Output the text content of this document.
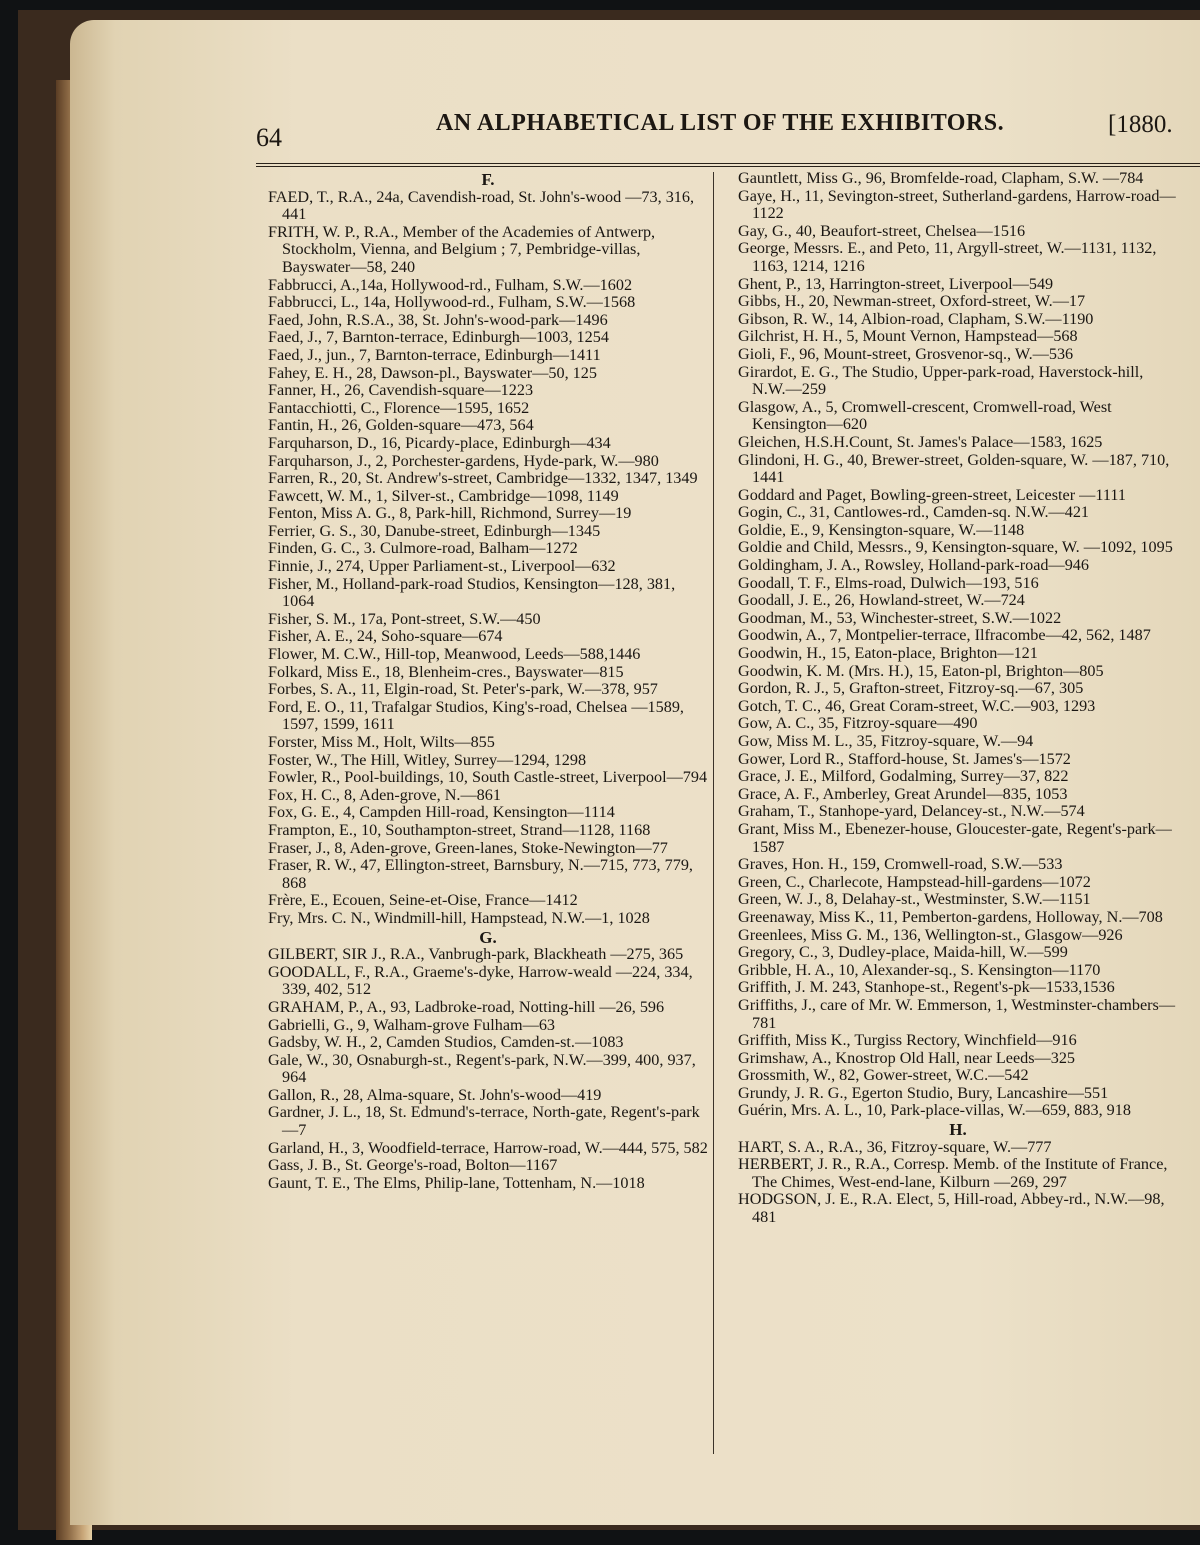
64	AN ALPHABETICAL LIST OF THE EXHIBITORS.	[1880.

F.

FAED, T., R.A., 24a, Cavendish-road, St. John's-wood —73, 316, 441

FRITH, W. P., R.A., Member of the Academies of Antwerp, Stockholm, Vienna, and Belgium ; 7, Pembridge-villas, Bayswater—58, 240

Fabbrucci, A.,14a, Hollywood-rd., Fulham, S.W.—1602

Fabbrucci, L., 14a, Hollywood-rd., Fulham, S.W.—1568

Faed, John, R.S.A., 38, St. John's-wood-park—1496

Faed, J., 7, Barnton-terrace, Edinburgh—1003, 1254

Faed, J., jun., 7, Barnton-terrace, Edinburgh—1411

Fahey, E. H., 28, Dawson-pl., Bayswater—50, 125

Fanner, H., 26, Cavendish-square—1223

Fantacchiotti, C., Florence—1595, 1652

Fantin, H., 26, Golden-square—473, 564

Farquharson, D., 16, Picardy-place, Edinburgh—434

Farquharson, J., 2, Porchester-gardens, Hyde-park, W.—980

Farren, R., 20, St. Andrew's-street, Cambridge—1332, 1347, 1349

Fawcett, W. M., 1, Silver-st., Cambridge—1098, 1149

Fenton, Miss A. G., 8, Park-hill, Richmond, Surrey—19

Ferrier, G. S., 30, Danube-street, Edinburgh—1345

Finden, G. C., 3. Culmore-road, Balham—1272

Finnie, J., 274, Upper Parliament-st., Liverpool—632

Fisher, M., Holland-park-road Studios, Kensington—128, 381, 1064

Fisher, S. M., 17a, Pont-street, S.W.—450

Fisher, A. E., 24, Soho-square—674

Flower, M. C.W., Hill-top, Meanwood, Leeds—588,1446

Folkard, Miss E., 18, Blenheim-cres., Bayswater—815

Forbes, S. A., 11, Elgin-road, St. Peter's-park, W.—378, 957

Ford, E. O., 11, Trafalgar Studios, King's-road, Chelsea —1589, 1597, 1599, 1611

Forster, Miss M., Holt, Wilts—855

Foster, W., The Hill, Witley, Surrey—1294, 1298

Fowler, R., Pool-buildings, 10, South Castle-street, Liverpool—794

Fox, H. C., 8, Aden-grove, N.—861

Fox, G. E., 4, Campden Hill-road, Kensington—1114

Frampton, E., 10, Southampton-street, Strand—1128, 1168

Fraser, J., 8, Aden-grove, Green-lanes, Stoke-Newington—77

Fraser, R. W., 47, Ellington-street, Barnsbury, N.—715, 773, 779, 868

Frère, E., Ecouen, Seine-et-Oise, France—1412

Fry, Mrs. C. N., Windmill-hill, Hampstead, N.W.—1, 1028

G.

GILBERT, SIR J., R.A., Vanbrugh-park, Blackheath —275, 365

GOODALL, F., R.A., Graeme's-dyke, Harrow-weald —224, 334, 339, 402, 512

GRAHAM, P., A., 93, Ladbroke-road, Notting-hill —26, 596

Gabrielli, G., 9, Walham-grove Fulham—63

Gadsby, W. H., 2, Camden Studios, Camden-st.—1083

Gale, W., 30, Osnaburgh-st., Regent's-park, N.W.—399, 400, 937, 964

Gallon, R., 28, Alma-square, St. John's-wood—419

Gardner, J. L., 18, St. Edmund's-terrace, North-gate, Regent's-park—7

Garland, H., 3, Woodfield-terrace, Harrow-road, W.—444, 575, 582

Gass, J. B., St. George's-road, Bolton—1167

Gaunt, T. E., The Elms, Philip-lane, Tottenham, N.—1018

Gauntlett, Miss G., 96, Bromfelde-road, Clapham, S.W. —784

Gaye, H., 11, Sevington-street, Sutherland-gardens, Harrow-road—1122

Gay, G., 40, Beaufort-street, Chelsea—1516

George, Messrs. E., and Peto, 11, Argyll-street, W.—1131, 1132, 1163, 1214, 1216

Ghent, P., 13, Harrington-street, Liverpool—549

Gibbs, H., 20, Newman-street, Oxford-street, W.—17

Gibson, R. W., 14, Albion-road, Clapham, S.W.—1190

Gilchrist, H. H., 5, Mount Vernon, Hampstead—568

Gioli, F., 96, Mount-street, Grosvenor-sq., W.—536

Girardot, E. G., The Studio, Upper-park-road, Haverstock-hill, N.W.—259

Glasgow, A., 5, Cromwell-crescent, Cromwell-road, West Kensington—620

Gleichen, H.S.H.Count, St. James's Palace—1583, 1625

Glindoni, H. G., 40, Brewer-street, Golden-square, W. —187, 710, 1441

Goddard and Paget, Bowling-green-street, Leicester —1111

Gogin, C., 31, Cantlowes-rd., Camden-sq. N.W.—421

Goldie, E., 9, Kensington-square, W.—1148

Goldie and Child, Messrs., 9, Kensington-square, W. —1092, 1095

Goldingham, J. A., Rowsley, Holland-park-road—946

Goodall, T. F., Elms-road, Dulwich—193, 516

Goodall, J. E., 26, Howland-street, W.—724

Goodman, M., 53, Winchester-street, S.W.—1022

Goodwin, A., 7, Montpelier-terrace, Ilfracombe—42, 562, 1487

Goodwin, H., 15, Eaton-place, Brighton—121

Goodwin, K. M. (Mrs. H.), 15, Eaton-pl, Brighton—805

Gordon, R. J., 5, Grafton-street, Fitzroy-sq.—67, 305

Gotch, T. C., 46, Great Coram-street, W.C.—903, 1293

Gow, A. C., 35, Fitzroy-square—490

Gow, Miss M. L., 35, Fitzroy-square, W.—94

Gower, Lord R., Stafford-house, St. James's—1572

Grace, J. E., Milford, Godalming, Surrey—37, 822

Grace, A. F., Amberley, Great Arundel—835, 1053

Graham, T., Stanhope-yard, Delancey-st., N.W.—574

Grant, Miss M., Ebenezer-house, Gloucester-gate, Regent's-park—1587

Graves, Hon. H., 159, Cromwell-road, S.W.—533

Green, C., Charlecote, Hampstead-hill-gardens—1072

Green, W. J., 8, Delahay-st., Westminster, S.W.—1151

Greenaway, Miss K., 11, Pemberton-gardens, Holloway, N.—708

Greenlees, Miss G. M., 136, Wellington-st., Glasgow—926

Gregory, C., 3, Dudley-place, Maida-hill, W.—599

Gribble, H. A., 10, Alexander-sq., S. Kensington—1170

Griffith, J. M. 243, Stanhope-st., Regent's-pk—1533,1536

Griffiths, J., care of Mr. W. Emmerson, 1, Westminster-chambers—781

Griffith, Miss K., Turgiss Rectory, Winchfield—916

Grimshaw, A., Knostrop Old Hall, near Leeds—325

Grossmith, W., 82, Gower-street, W.C.—542

Grundy, J. R. G., Egerton Studio, Bury, Lancashire—551

Guérin, Mrs. A. L., 10, Park-place-villas, W.—659, 883, 918

H.

HART, S. A., R.A., 36, Fitzroy-square, W.—777

HERBERT, J. R., R.A., Corresp. Memb. of the Institute of France, The Chimes, West-end-lane, Kilburn —269, 297

HODGSON, J. E., R.A. Elect, 5, Hill-road, Abbey-rd., N.W.—98, 481
